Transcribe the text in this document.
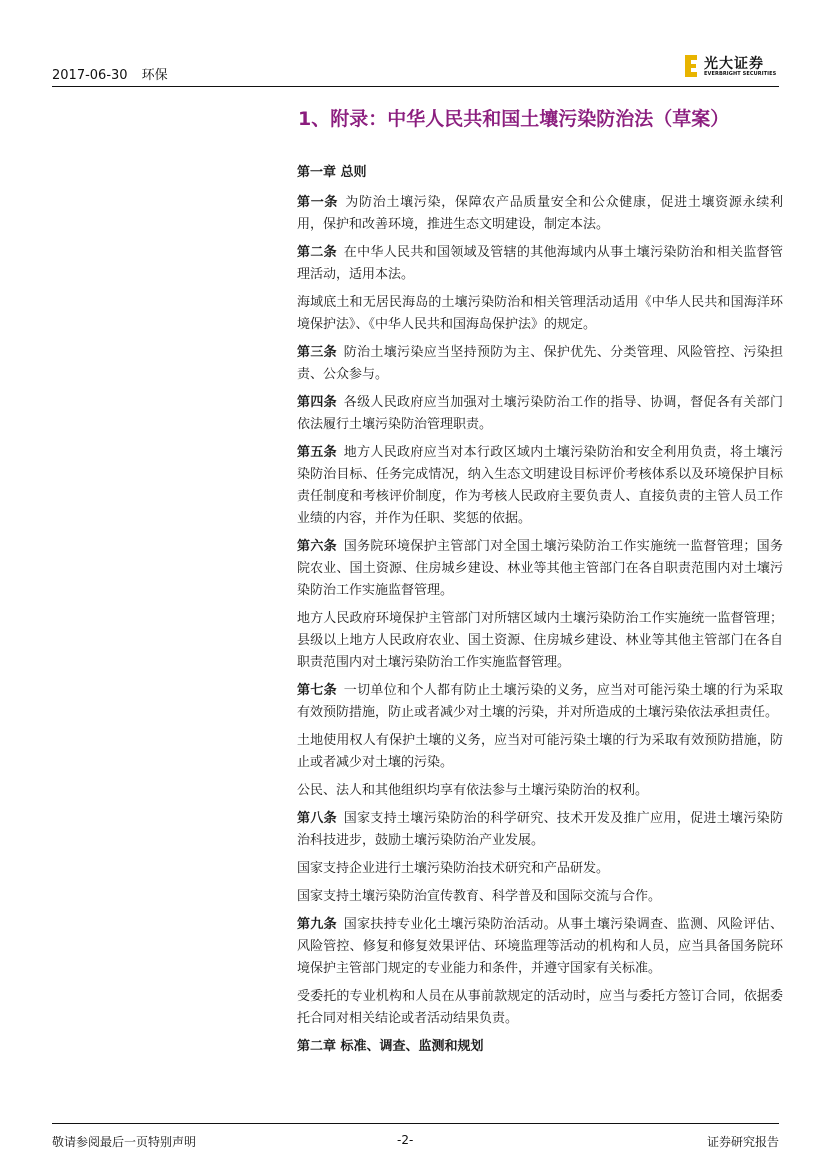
2017-06-30 环保
光大证券
EVERBRIGHT SECURITIES
1、附录：中华人民共和国土壤污染防治法（草案）

第一章 总则

第一条  为防治土壤污染，保障农产品质量安全和公众健康，促进土壤资源永续利用，保护和改善环境，推进生态文明建设，制定本法。

第二条  在中华人民共和国领域及管辖的其他海域内从事土壤污染防治和相关监督管理活动，适用本法。

海域底土和无居民海岛的土壤污染防治和相关管理活动适用《中华人民共和国海洋环境保护法》、《中华人民共和国海岛保护法》的规定。

第三条  防治土壤污染应当坚持预防为主、保护优先、分类管理、风险管控、污染担责、公众参与。

第四条  各级人民政府应当加强对土壤污染防治工作的指导、协调，督促各有关部门依法履行土壤污染防治管理职责。

第五条  地方人民政府应当对本行政区域内土壤污染防治和安全利用负责，将土壤污染防治目标、任务完成情况，纳入生态文明建设目标评价考核体系以及环境保护目标责任制度和考核评价制度，作为考核人民政府主要负责人、直接负责的主管人员工作业绩的内容，并作为任职、奖惩的依据。

第六条  国务院环境保护主管部门对全国土壤污染防治工作实施统一监督管理；国务院农业、国土资源、住房城乡建设、林业等其他主管部门在各自职责范围内对土壤污染防治工作实施监督管理。

地方人民政府环境保护主管部门对所辖区域内土壤污染防治工作实施统一监督管理；县级以上地方人民政府农业、国土资源、住房城乡建设、林业等其他主管部门在各自职责范围内对土壤污染防治工作实施监督管理。

第七条  一切单位和个人都有防止土壤污染的义务，应当对可能污染土壤的行为采取有效预防措施，防止或者减少对土壤的污染，并对所造成的土壤污染依法承担责任。

土地使用权人有保护土壤的义务，应当对可能污染土壤的行为采取有效预防措施，防止或者减少对土壤的污染。

公民、法人和其他组织均享有依法参与土壤污染防治的权利。

第八条  国家支持土壤污染防治的科学研究、技术开发及推广应用，促进土壤污染防治科技进步，鼓励土壤污染防治产业发展。

国家支持企业进行土壤污染防治技术研究和产品研发。

国家支持土壤污染防治宣传教育、科学普及和国际交流与合作。

第九条  国家扶持专业化土壤污染防治活动。从事土壤污染调查、监测、风险评估、风险管控、修复和修复效果评估、环境监理等活动的机构和人员，应当具备国务院环境保护主管部门规定的专业能力和条件，并遵守国家有关标准。

受委托的专业机构和人员在从事前款规定的活动时，应当与委托方签订合同，依据委托合同对相关结论或者活动结果负责。

第二章 标准、调查、监测和规划

敬请参阅最后一页特别声明	-2-	证券研究报告
